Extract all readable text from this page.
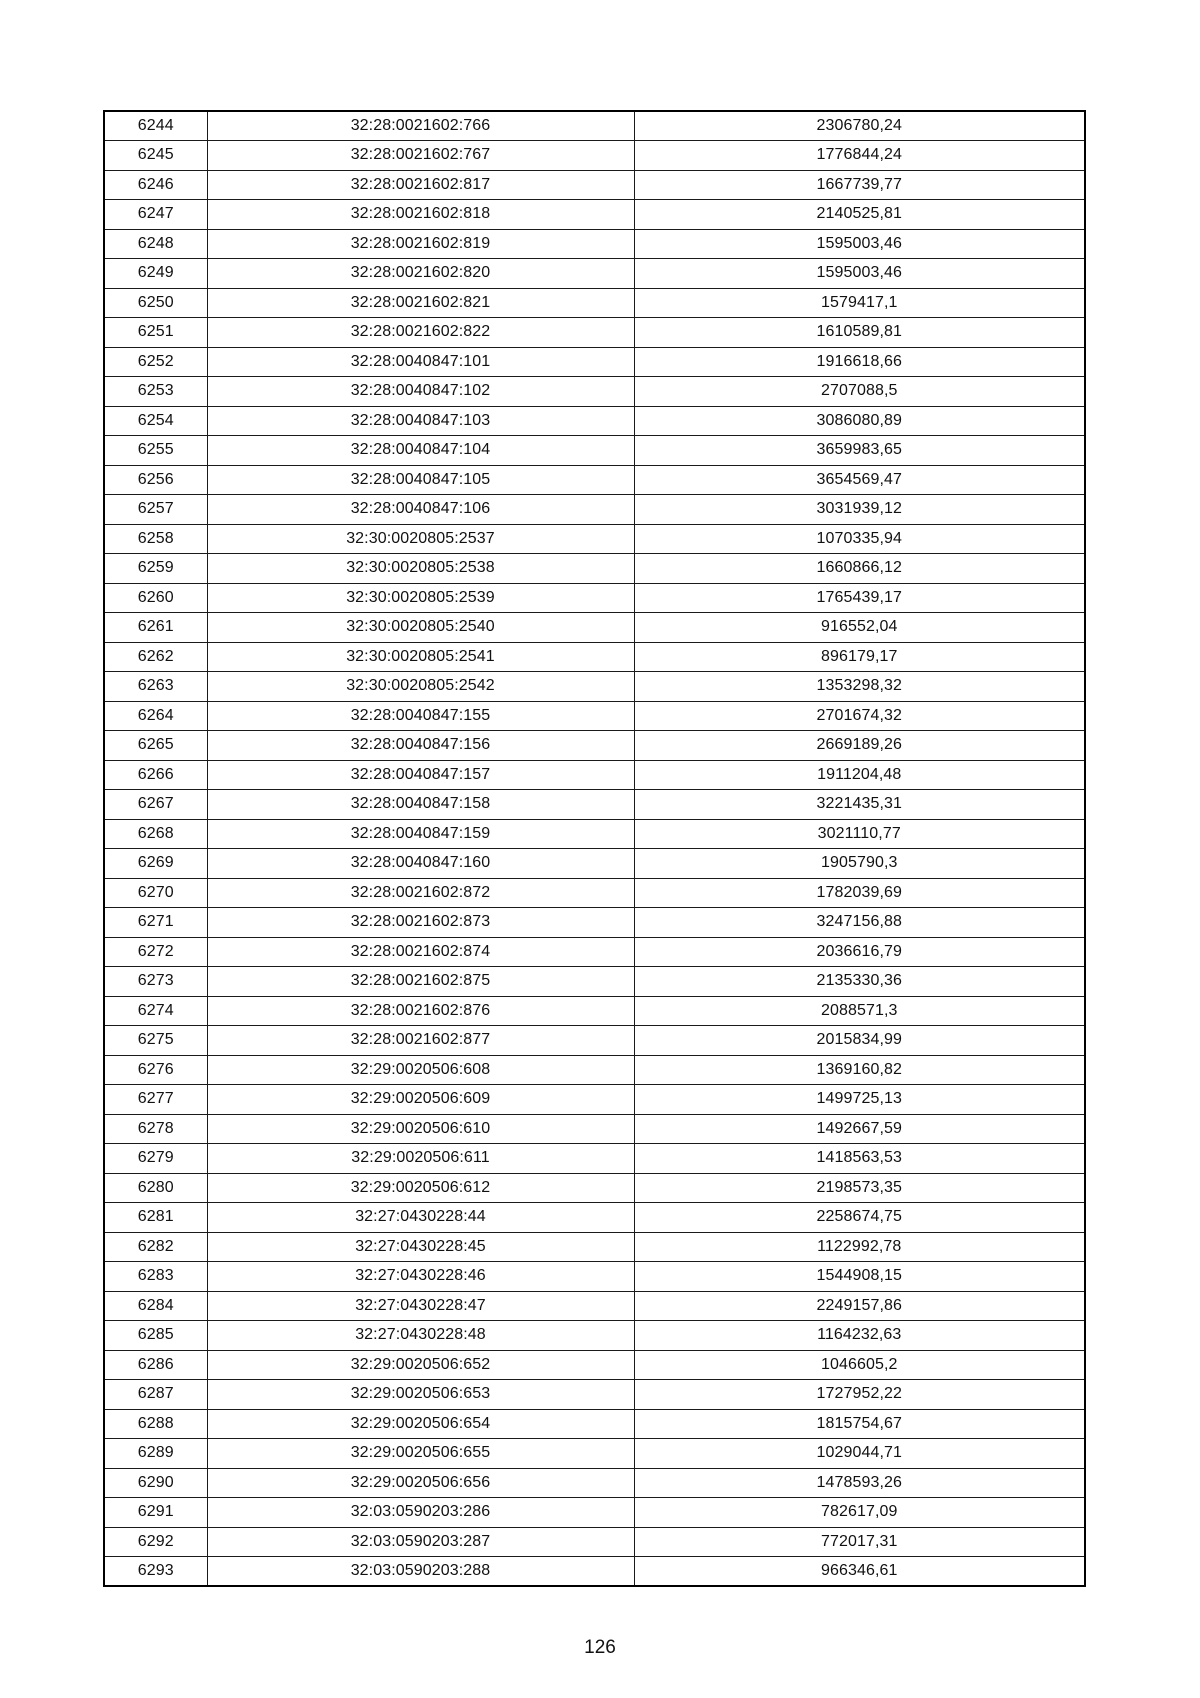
6244	32:28:0021602:766	2306780,24
6245	32:28:0021602:767	1776844,24
6246	32:28:0021602:817	1667739,77
6247	32:28:0021602:818	2140525,81
6248	32:28:0021602:819	1595003,46
6249	32:28:0021602:820	1595003,46
6250	32:28:0021602:821	1579417,1
6251	32:28:0021602:822	1610589,81
6252	32:28:0040847:101	1916618,66
6253	32:28:0040847:102	2707088,5
6254	32:28:0040847:103	3086080,89
6255	32:28:0040847:104	3659983,65
6256	32:28:0040847:105	3654569,47
6257	32:28:0040847:106	3031939,12
6258	32:30:0020805:2537	1070335,94
6259	32:30:0020805:2538	1660866,12
6260	32:30:0020805:2539	1765439,17
6261	32:30:0020805:2540	916552,04
6262	32:30:0020805:2541	896179,17
6263	32:30:0020805:2542	1353298,32
6264	32:28:0040847:155	2701674,32
6265	32:28:0040847:156	2669189,26
6266	32:28:0040847:157	1911204,48
6267	32:28:0040847:158	3221435,31
6268	32:28:0040847:159	3021110,77
6269	32:28:0040847:160	1905790,3
6270	32:28:0021602:872	1782039,69
6271	32:28:0021602:873	3247156,88
6272	32:28:0021602:874	2036616,79
6273	32:28:0021602:875	2135330,36
6274	32:28:0021602:876	2088571,3
6275	32:28:0021602:877	2015834,99
6276	32:29:0020506:608	1369160,82
6277	32:29:0020506:609	1499725,13
6278	32:29:0020506:610	1492667,59
6279	32:29:0020506:611	1418563,53
6280	32:29:0020506:612	2198573,35
6281	32:27:0430228:44	2258674,75
6282	32:27:0430228:45	1122992,78
6283	32:27:0430228:46	1544908,15
6284	32:27:0430228:47	2249157,86
6285	32:27:0430228:48	1164232,63
6286	32:29:0020506:652	1046605,2
6287	32:29:0020506:653	1727952,22
6288	32:29:0020506:654	1815754,67
6289	32:29:0020506:655	1029044,71
6290	32:29:0020506:656	1478593,26
6291	32:03:0590203:286	782617,09
6292	32:03:0590203:287	772017,31
6293	32:03:0590203:288	966346,61
126
